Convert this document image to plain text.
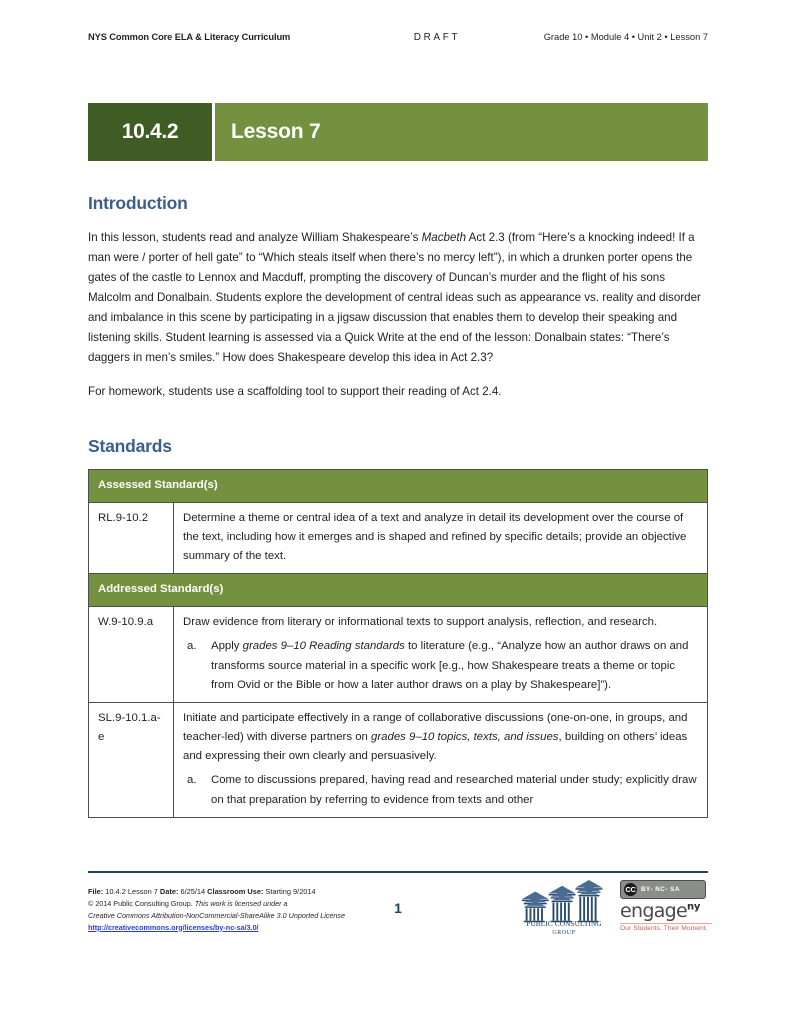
NYS Common Core ELA & Literacy Curriculum	DRAFT	Grade 10 • Module 4 • Unit 2 • Lesson 7
10.4.2	Lesson 7
Introduction

In this lesson, students read and analyze William Shakespeare’s Macbeth Act 2.3 (from “Here’s a knocking indeed! If a man were / porter of hell gate” to “Which steals itself when there’s no mercy left”), in which a drunken porter opens the gates of the castle to Lennox and Macduff, prompting the discovery of Duncan’s murder and the flight of his sons Malcolm and Donalbain. Students explore the development of central ideas such as appearance vs. reality and disorder and imbalance in this scene by participating in a jigsaw discussion that enables them to develop their speaking and listening skills. Student learning is assessed via a Quick Write at the end of the lesson: Donalbain states: “There’s daggers in men’s smiles.” How does Shakespeare develop this idea in Act 2.3?

For homework, students use a scaffolding tool to support their reading of Act 2.4.

Standards
Assessed Standard(s)	
RL.9-10.2	Determine a theme or central idea of a text and analyze in detail its development over the course of the text, including how it emerges and is shaped and refined by specific details; provide an objective summary of the text.
Addressed Standard(s)	
W.9-10.9.a	Draw evidence from literary or informational texts to support analysis, reflection, and research.
a. Apply grades 9–10 Reading standards to literature (e.g., “Analyze how an author draws on and transforms source material in a specific work [e.g., how Shakespeare treats a theme or topic from Ovid or the Bible or how a later author draws on a play by Shakespeare]”).

SL.9-10.1.a-e	Initiate and participate effectively in a range of collaborative discussions (one-on-one, in groups, and teacher-led) with diverse partners on grades 9–10 topics, texts, and issues, building on others’ ideas and expressing their own clearly and persuasively.
a. Come to discussions prepared, having read and researched material under study; explicitly draw on that preparation by referring to evidence from texts and other
File: 10.4.2 Lesson 7 Date: 6/25/14 Classroom Use: Starting 9/2014
© 2014 Public Consulting Group. This work is licensed under a
Creative Commons Attribution-NonCommercial-ShareAlike 3.0 Unported License
http://creativecommons.org/licenses/by-nc-sa/3.0/
1
PUBLIC CONSULTING
GROUP
CC BY- NC- SA
engage$^{ny}$
Our Students. Their Moment.
